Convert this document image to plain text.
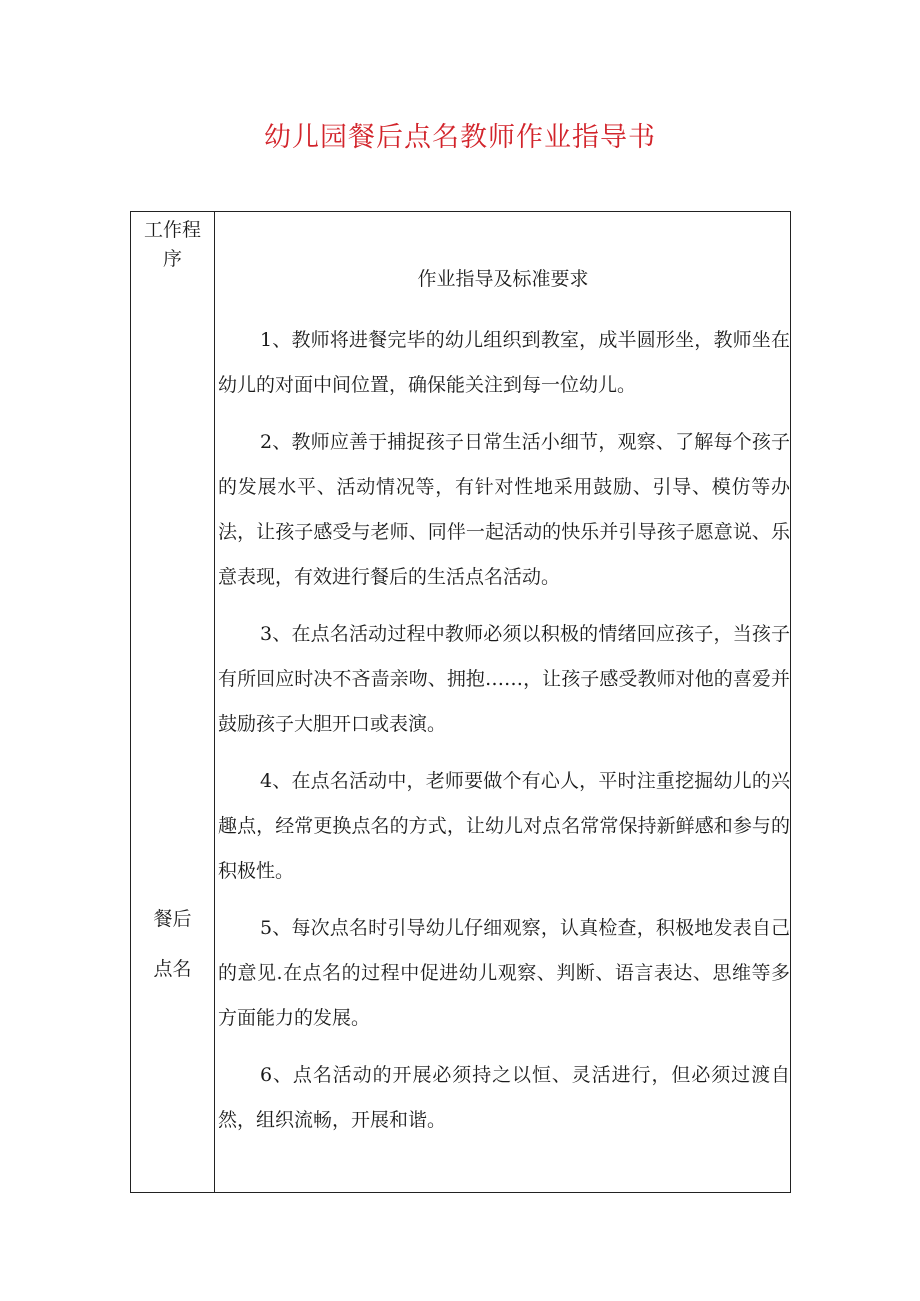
幼儿园餐后点名教师作业指导书
工作程
序
餐后
点名
作业指导及标准要求

1、教师将进餐完毕的幼儿组织到教室，成半圆形坐，教师坐在幼儿的对面中间位置，确保能关注到每一位幼儿。

2、教师应善于捕捉孩子日常生活小细节，观察、了解每个孩子的发展水平、活动情况等，有针对性地采用鼓励、引导、模仿等办法，让孩子感受与老师、同伴一起活动的快乐并引导孩子愿意说、乐意表现，有效进行餐后的生活点名活动。

3、在点名活动过程中教师必须以积极的情绪回应孩子，当孩子有所回应时决不吝啬亲吻、拥抱……，让孩子感受教师对他的喜爱并鼓励孩子大胆开口或表演。

4、在点名活动中，老师要做个有心人，平时注重挖掘幼儿的兴趣点，经常更换点名的方式，让幼儿对点名常常保持新鲜感和参与的积极性。

5、每次点名时引导幼儿仔细观察，认真检查，积极地发表自己的意见.在点名的过程中促进幼儿观察、判断、语言表达、思维等多方面能力的发展。

6、点名活动的开展必须持之以恒、灵活进行，但必须过渡自然，组织流畅，开展和谐。
